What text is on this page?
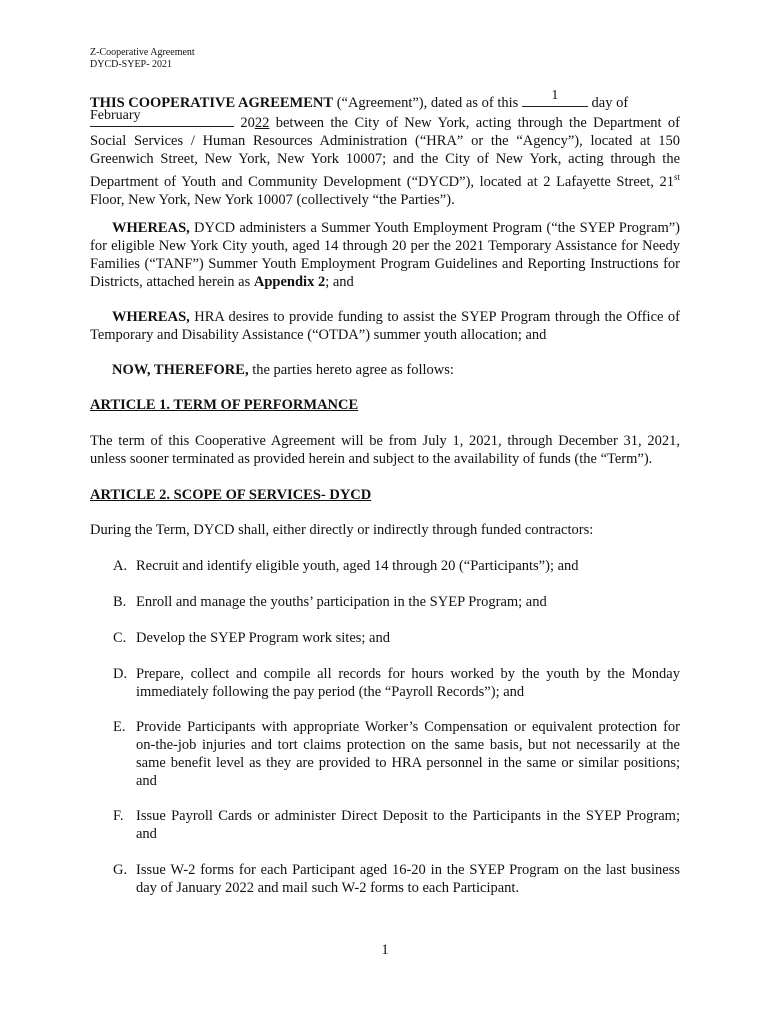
Z-Cooperative Agreement
DYCD-SYEP- 2021
THIS COOPERATIVE AGREEMENT (“Agreement”), dated as of this	1	day of

February	2022 between the City of New York, acting through the Department of Social Services / Human Resources Administration (“HRA” or the “Agency”), located at 150 Greenwich Street, New York, New York 10007; and the City of New York, acting through the Department of Youth and Community Development (“DYCD”), located at 2 Lafayette Street, 21st Floor, New York, New York 10007 (collectively “the Parties”).
WHEREAS, DYCD administers a Summer Youth Employment Program (“the SYEP Program”) for eligible New York City youth, aged 14 through 20 per the 2021 Temporary Assistance for Needy Families (“TANF”) Summer Youth Employment Program Guidelines and Reporting Instructions for Districts, attached herein as Appendix 2; and
WHEREAS, HRA desires to provide funding to assist the SYEP Program through the Office of Temporary and Disability Assistance (“OTDA”) summer youth allocation; and
NOW, THEREFORE, the parties hereto agree as follows:
ARTICLE 1. TERM OF PERFORMANCE
The term of this Cooperative Agreement will be from July 1, 2021, through December 31, 2021, unless sooner terminated as provided herein and subject to the availability of funds (the “Term”).
ARTICLE 2. SCOPE OF SERVICES- DYCD
During the Term, DYCD shall, either directly or indirectly through funded contractors:
A. Recruit and identify eligible youth, aged 14 through 20 (“Participants”); and
B. Enroll and manage the youths’ participation in the SYEP Program; and
C. Develop the SYEP Program work sites; and
D. Prepare, collect and compile all records for hours worked by the youth by the Monday immediately following the pay period (the “Payroll Records”); and
E. Provide Participants with appropriate Worker’s Compensation or equivalent protection for on-the-job injuries and tort claims protection on the same basis, but not necessarily at the same benefit level as they are provided to HRA personnel in the same or similar positions; and
F. Issue Payroll Cards or administer Direct Deposit to the Participants in the SYEP Program; and
G. Issue W-2 forms for each Participant aged 16-20 in the SYEP Program on the last business day of January 2022 and mail such W-2 forms to each Participant.
1
